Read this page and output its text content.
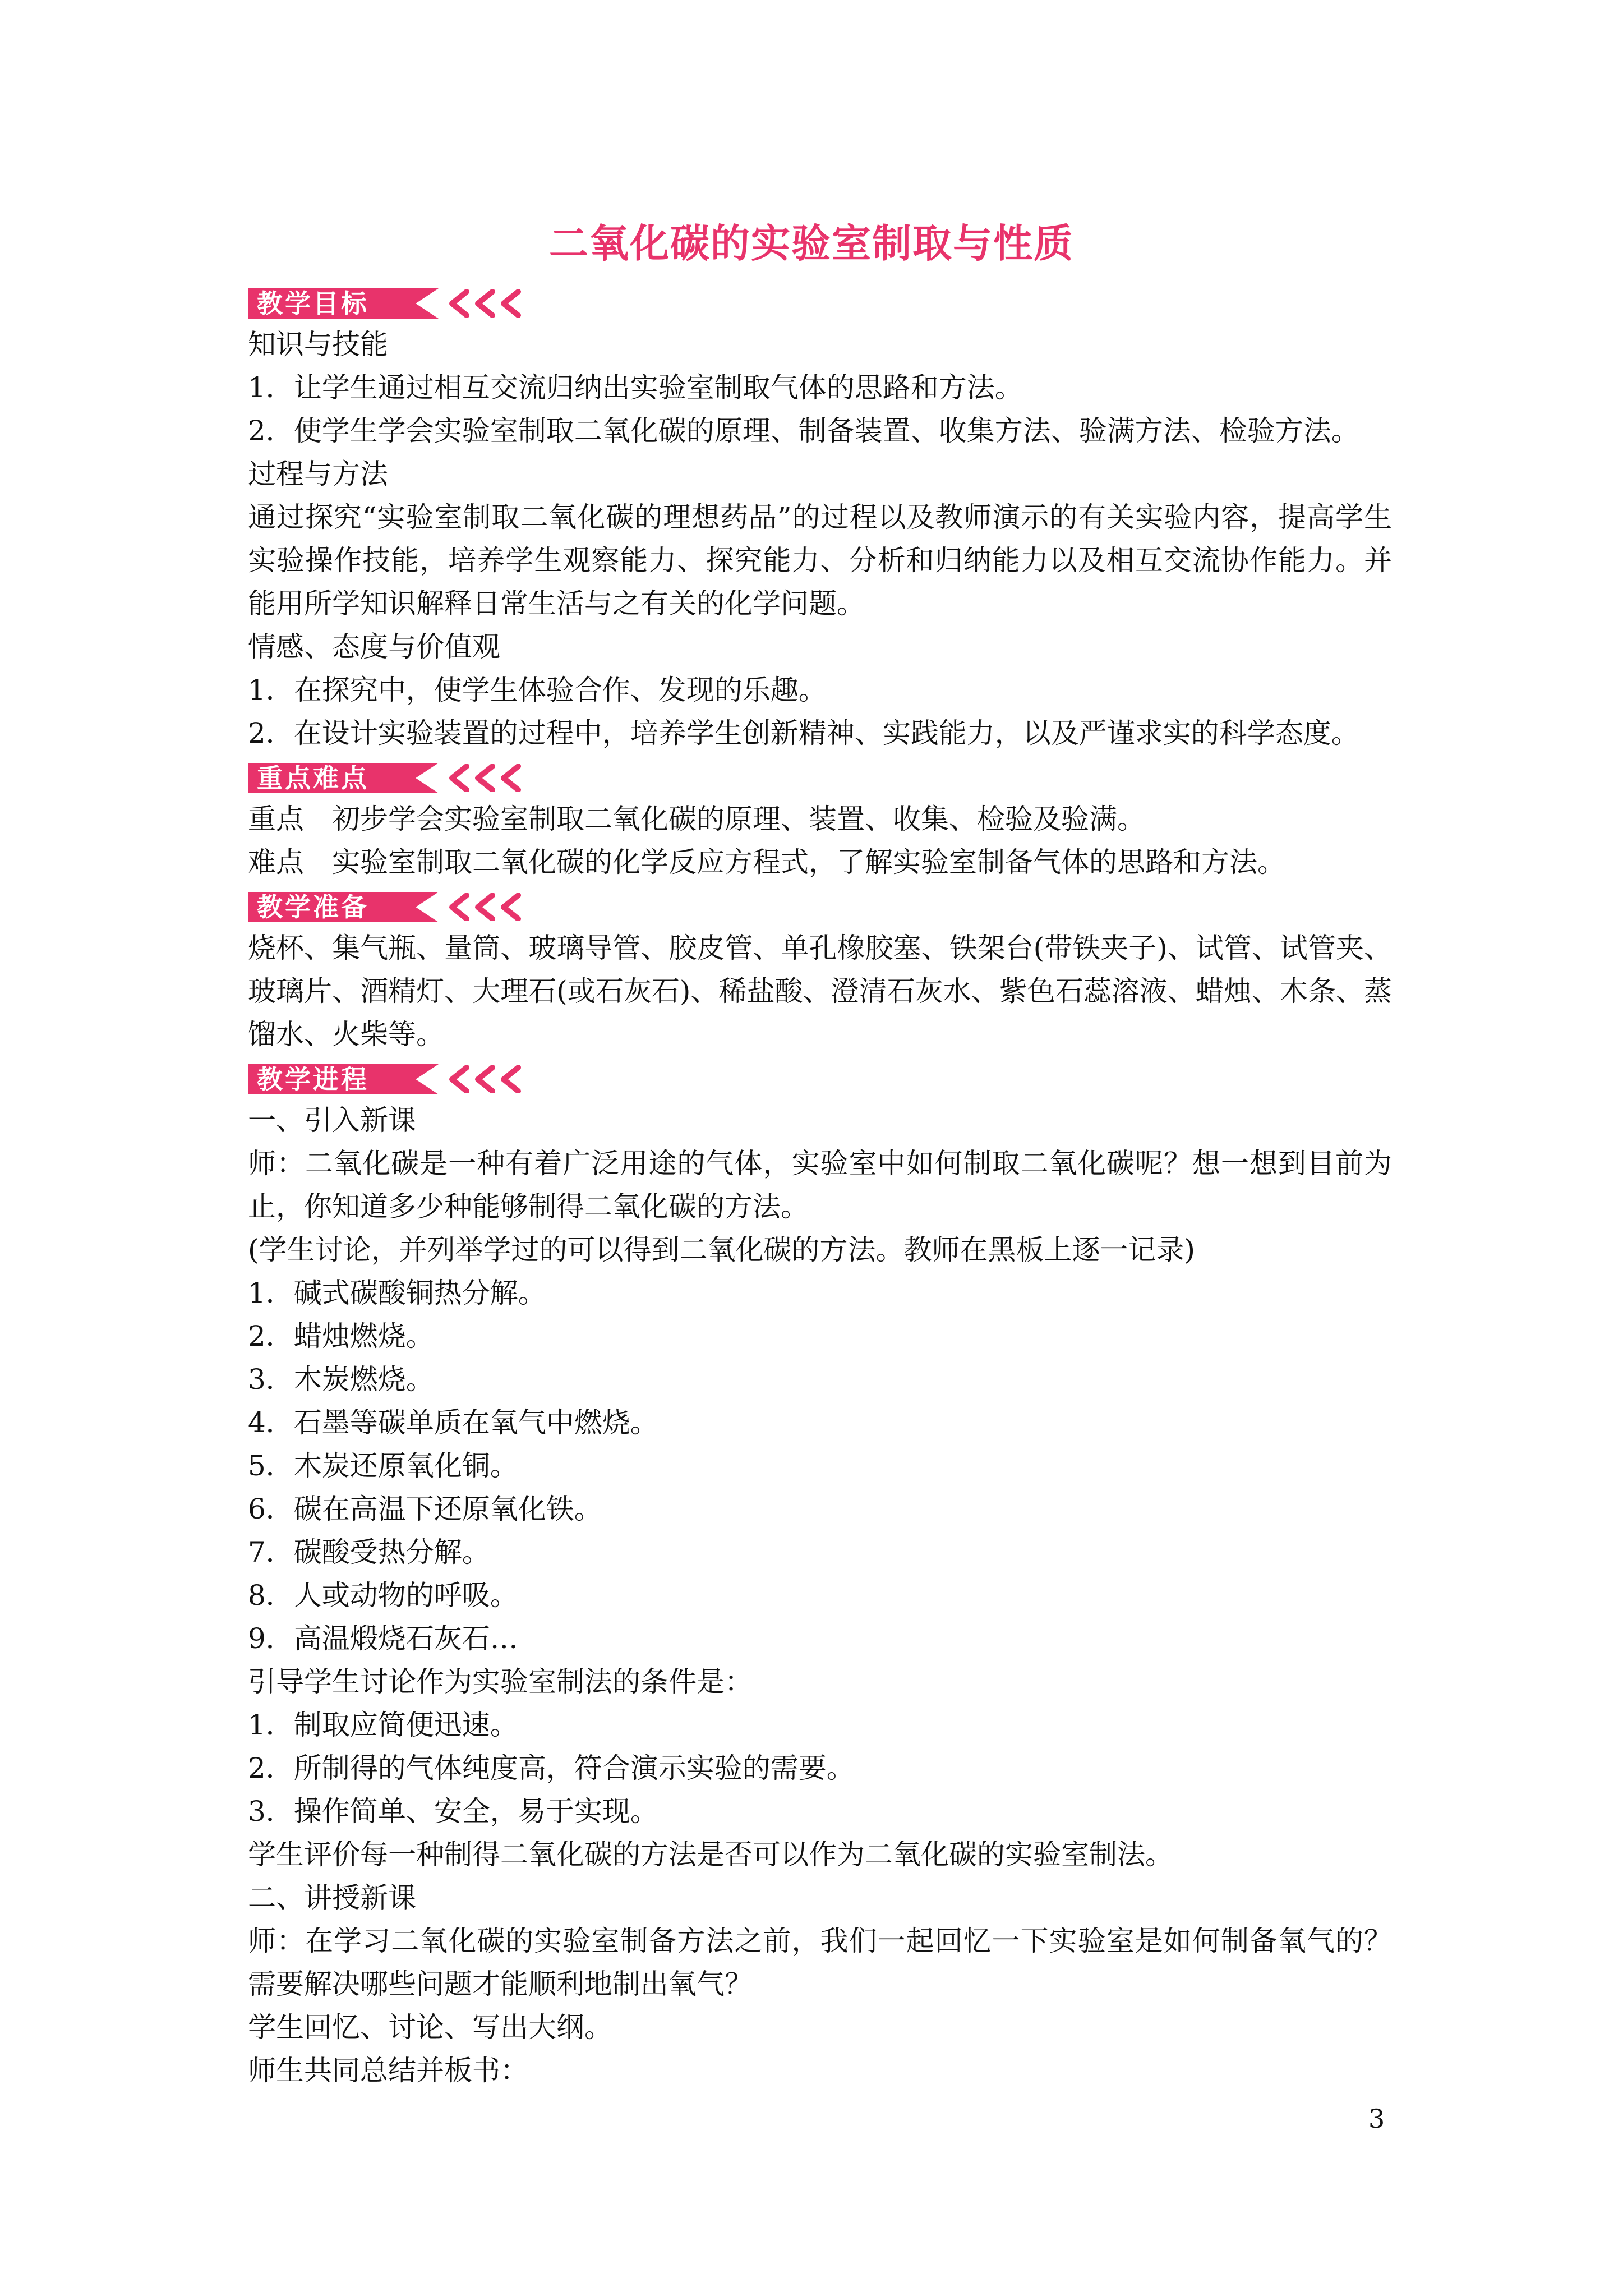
二氧化碳的实验室制取与性质
教学目标
知识与技能
1．让学生通过相互交流归纳出实验室制取气体的思路和方法。
2．使学生学会实验室制取二氧化碳的原理、制备装置、收集方法、验满方法、检验方法。
过程与方法
通过探究“实验室制取二氧化碳的理想药品”的过程以及教师演示的有关实验内容，提高学生实验操作技能，培养学生观察能力、探究能力、分析和归纳能力以及相互交流协作能力。并能用所学知识解释日常生活与之有关的化学问题。
情感、态度与价值观
1．在探究中，使学生体验合作、发现的乐趣。
2．在设计实验装置的过程中，培养学生创新精神、实践能力，以及严谨求实的科学态度。
重点难点
重点　初步学会实验室制取二氧化碳的原理、装置、收集、检验及验满。
难点　实验室制取二氧化碳的化学反应方程式，了解实验室制备气体的思路和方法。
教学准备
烧杯、集气瓶、量筒、玻璃导管、胶皮管、单孔橡胶塞、铁架台(带铁夹子)、试管、试管夹、玻璃片、酒精灯、大理石(或石灰石)、稀盐酸、澄清石灰水、紫色石蕊溶液、蜡烛、木条、蒸馏水、火柴等。
教学进程
一、引入新课
师：二氧化碳是一种有着广泛用途的气体，实验室中如何制取二氧化碳呢？想一想到目前为止，你知道多少种能够制得二氧化碳的方法。
(学生讨论，并列举学过的可以得到二氧化碳的方法。教师在黑板上逐一记录)
1．碱式碳酸铜热分解。
2．蜡烛燃烧。
3．木炭燃烧。
4．石墨等碳单质在氧气中燃烧。
5．木炭还原氧化铜。
6．碳在高温下还原氧化铁。
7．碳酸受热分解。
8．人或动物的呼吸。
9．高温煅烧石灰石…
引导学生讨论作为实验室制法的条件是：
1．制取应简便迅速。
2．所制得的气体纯度高，符合演示实验的需要。
3．操作简单、安全，易于实现。
学生评价每一种制得二氧化碳的方法是否可以作为二氧化碳的实验室制法。
二、讲授新课
师：在学习二氧化碳的实验室制备方法之前，我们一起回忆一下实验室是如何制备氧气的？需要解决哪些问题才能顺利地制出氧气？
学生回忆、讨论、写出大纲。
师生共同总结并板书：
3
